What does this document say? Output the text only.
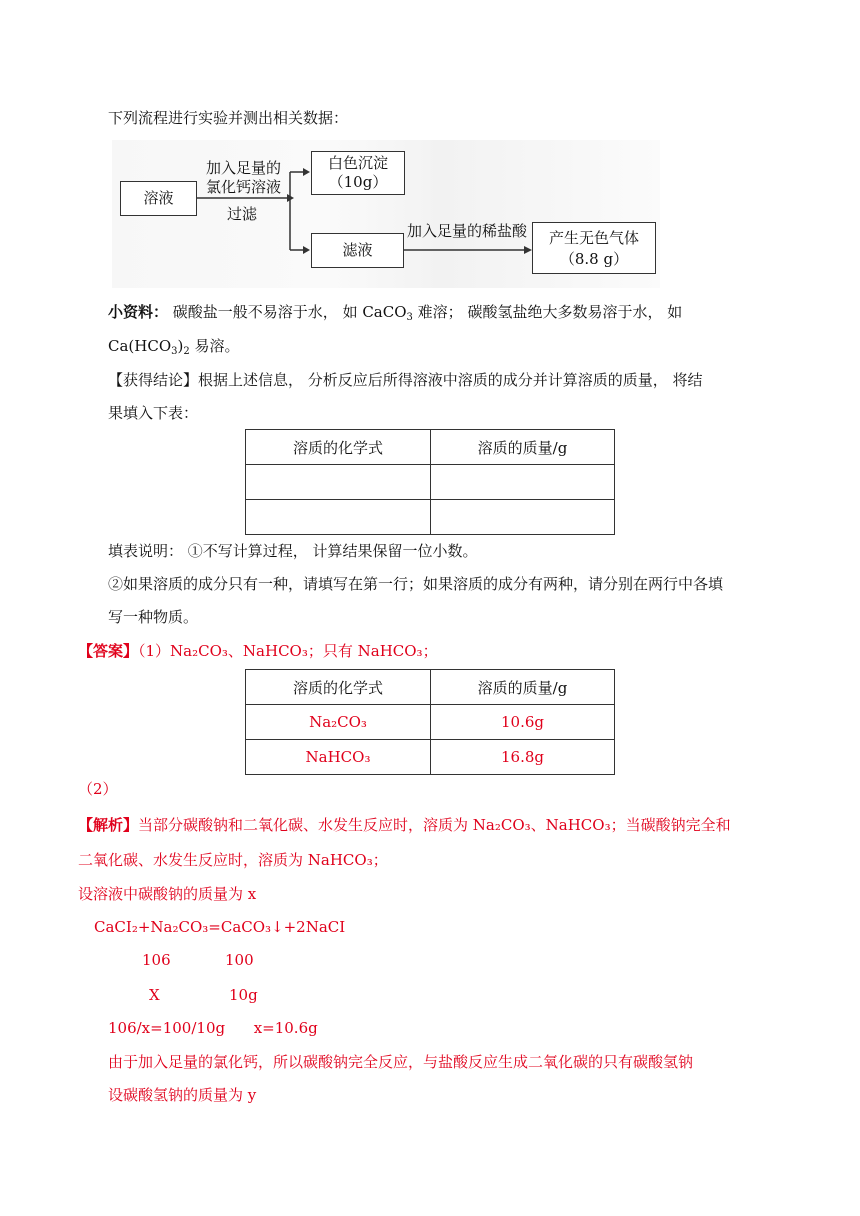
下列流程进行实验并测出相关数据：
溶液
加入足量的
氯化钙溶液
过滤
白色沉淀
（10g）
滤液
加入足量的稀盐酸	产生无色气体
（8.8 g）
小资料： 碳酸盐一般不易溶于水， 如 CaCO$_3$ 难溶； 碳酸氢盐绝大多数易溶于水， 如
$Ca(HCO_3)_2$ 易溶。
【获得结论】根据上述信息， 分析反应后所得溶液中溶质的成分并计算溶质的质量， 将结
果填入下表：
溶质的化学式	溶质的质量/g

填表说明： ①不写计算过程， 计算结果保留一位小数。
②如果溶质的成分只有一种，请填写在第一行；如果溶质的成分有两种，请分别在两行中各填
写一种物质。
【答案】（1）Na₂CO₃、NaHCO₃；只有 NaHCO₃；
溶质的化学式	溶质的质量/g
Na₂CO₃	10.6g
NaHCO₃	16.8g
（2）
【解析】当部分碳酸钠和二氧化碳、水发生反应时，溶质为 Na₂CO₃、NaHCO₃；当碳酸钠完全和
二氧化碳、水发生反应时，溶质为 NaHCO₃；
设溶液中碳酸钠的质量为 x
CaCI₂+Na₂CO₃=CaCO₃↓+2NaCI
106	100
X	10g
106/x=100/10g      x=10.6g
由于加入足量的氯化钙，所以碳酸钠完全反应，与盐酸反应生成二氧化碳的只有碳酸氢钠
设碳酸氢钠的质量为 y
